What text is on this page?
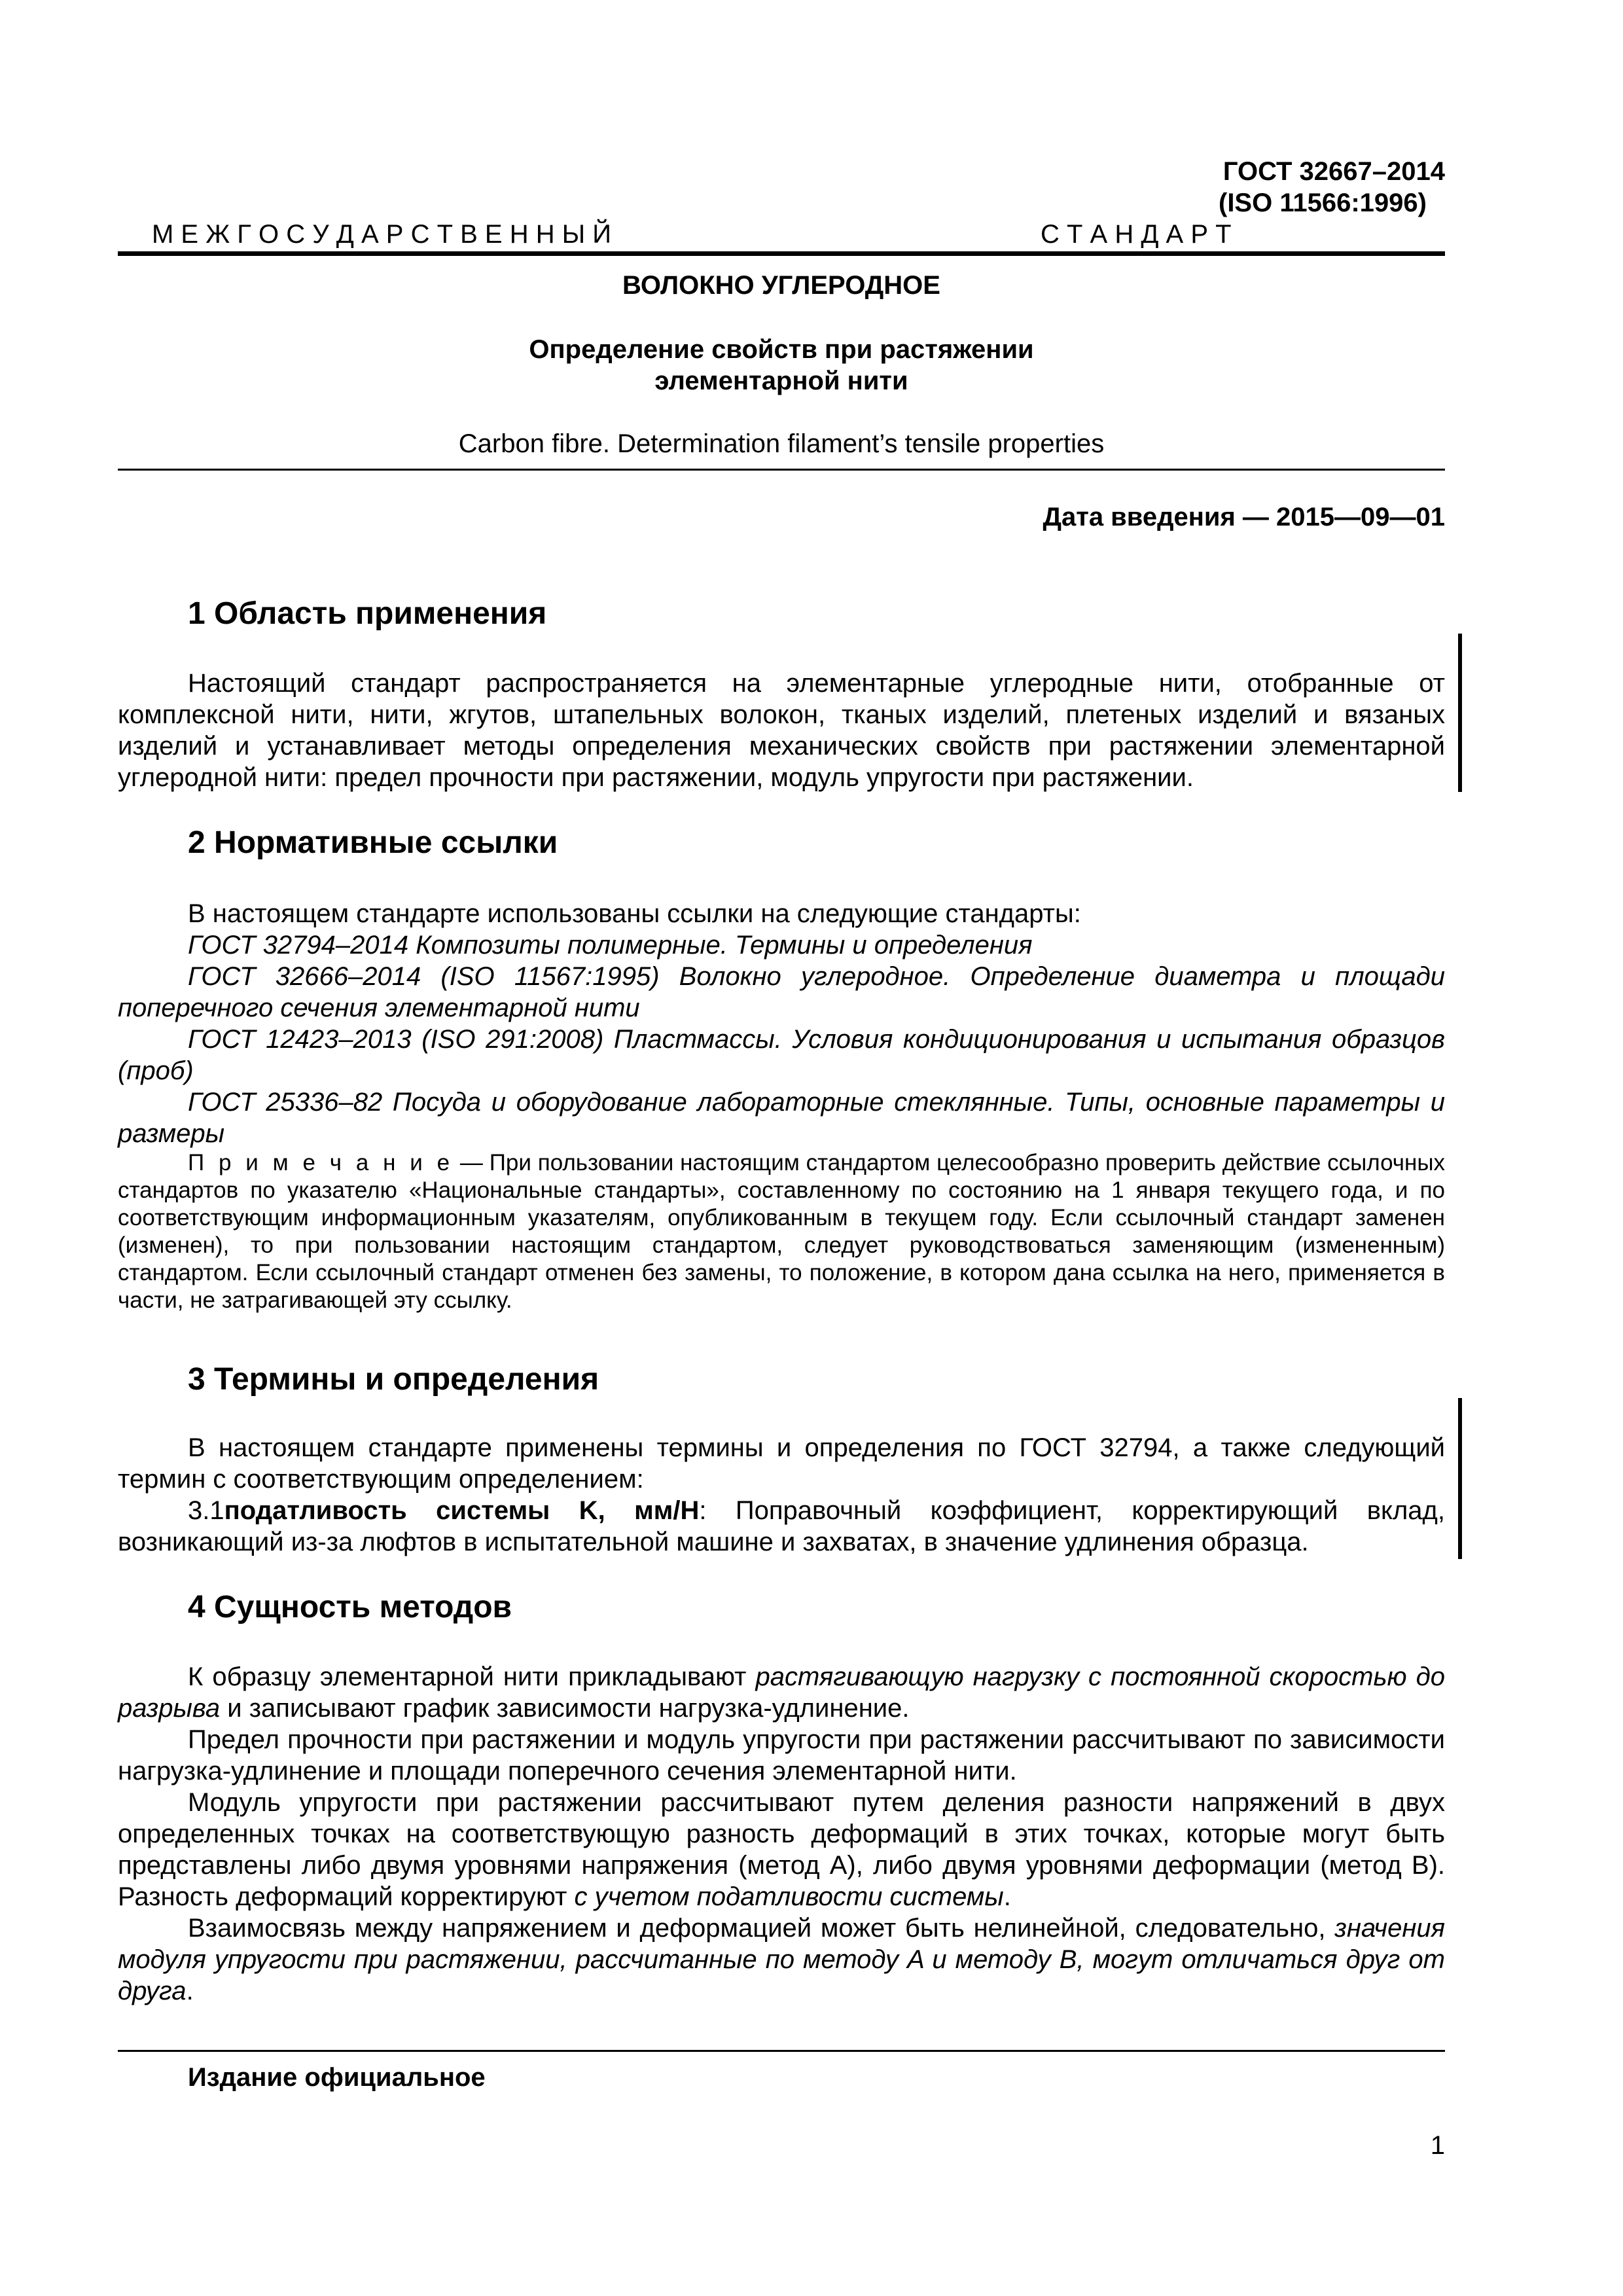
ГОСТ 32667–2014
(ISO 11566:1996)
М Е Ж Г О С У Д А Р С Т В Е Н Н Ы Й	С Т А Н Д А Р Т
ВОЛОКНО УГЛЕРОДНОЕ
Определение свойств при растяжении
элементарной нити
Carbon fibre. Determination filament’s tensile properties
Дата введения — 2015—09—01
1 Область применения

Настоящий стандарт распространяется на элементарные углеродные нити, отобранные от комплексной нити, нити, жгутов, штапельных волокон, тканых изделий, плетеных изделий и вязаных изделий и устанавливает методы определения механических свойств при растяжении элементарной углеродной нити: предел прочности при растяжении, модуль упругости при растяжении.

2 Нормативные ссылки

В настоящем стандарте использованы ссылки на следующие стандарты:

ГОСТ 32794–2014 Композиты полимерные. Термины и определения

ГОСТ 32666–2014 (ISO 11567:1995) Волокно углеродное. Определение диаметра и площади поперечного сечения элементарной нити

ГОСТ 12423–2013 (ISO 291:2008) Пластмассы. Условия кондиционирования и испытания образцов (проб)

ГОСТ 25336–82 Посуда и оборудование лабораторные стеклянные. Типы, основные параметры и размеры

П р и м е ч а н и е — При пользовании настоящим стандартом целесообразно проверить действие ссылочных стандартов по указателю «Национальные стандарты», составленному по состоянию на 1 января текущего года, и по соответствующим информационным указателям, опубликованным в текущем году. Если ссылочный стандарт заменен (изменен), то при пользовании настоящим стандартом, следует руководствоваться заменяющим (измененным) стандартом. Если ссылочный стандарт отменен без замены, то положение, в котором дана ссылка на него, применяется в части, не затрагивающей эту ссылку.

3 Термины и определения

В настоящем стандарте применены термины и определения по ГОСТ 32794, а также следующий термин с соответствующим определением:

3.1податливость системы K, мм/Н: Поправочный коэффициент, корректирующий вклад, возникающий из-за люфтов в испытательной машине и захватах, в значение удлинения образца.

4 Сущность методов

К образцу элементарной нити прикладывают растягивающую нагрузку с постоянной скоростью до разрыва и записывают график зависимости нагрузка-удлинение.

Предел прочности при растяжении и модуль упругости при растяжении рассчитывают по зависимости нагрузка-удлинение и площади поперечного сечения элементарной нити.

Модуль упругости при растяжении рассчитывают путем деления разности напряжений в двух определенных точках на соответствующую разность деформаций в этих точках, которые могут быть представлены либо двумя уровнями напряжения (метод A), либо двумя уровнями деформации (метод B). Разность деформаций корректируют с учетом податливости системы.

Взаимосвязь между напряжением и деформацией может быть нелинейной, следовательно, значения модуля упругости при растяжении, рассчитанные по методу A и методу B, могут отличаться друг от друга.

Издание официальное
1
